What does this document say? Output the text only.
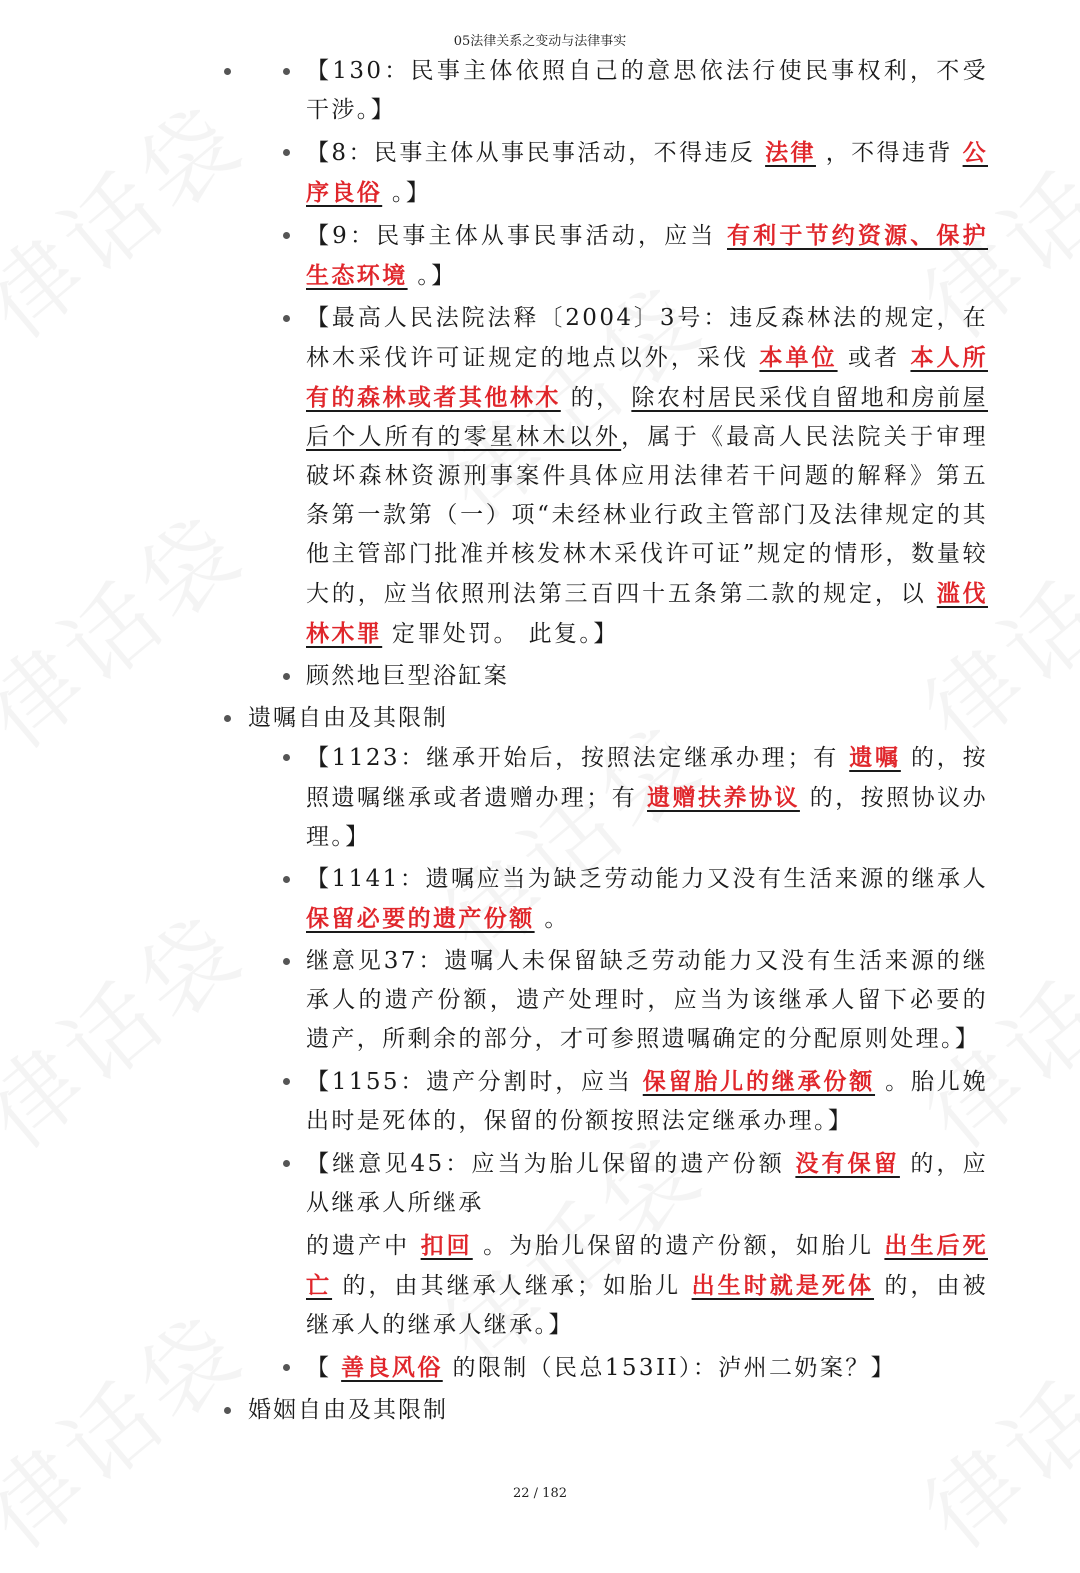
05法律关系之变动与法律事实
【130：民事主体依照自己的意思依法行使民事权利，不受干涉。】
【8：民事主体从事民事活动，不得违反 法律 ，不得违背 公序良俗 。】
【9：民事主体从事民事活动，应当 有利于节约资源、保护生态环境 。】
【最高人民法院法释〔2004〕3号：违反森林法的规定，在林木采伐许可证规定的地点以外，采伐 本单位 或者 本人所有的森林或者其他林木 的， 除农村居民采伐自留地和房前屋后个人所有的零星林木以外，属于《最高人民法院关于审理破坏森林资源刑事案件具体应用法律若干问题的解释》第五条第一款第（一）项“未经林业行政主管部门及法律规定的其他主管部门批准并核发林木采伐许可证”规定的情形，数量较大的，应当依照刑法第三百四十五条第二款的规定，以 滥伐林木罪 定罪处罚。 此复。】
顾然地巨型浴缸案
遗嘱自由及其限制
【1123：继承开始后，按照法定继承办理；有 遗嘱 的，按照遗嘱继承或者遗赠办理；有 遗赠扶养协议 的，按照协议办理。】
【1141：遗嘱应当为缺乏劳动能力又没有生活来源的继承人保留必要的遗产份额 。
继意见37：遗嘱人未保留缺乏劳动能力又没有生活来源的继承人的遗产份额，遗产处理时，应当为该继承人留下必要的遗产，所剩余的部分，才可参照遗嘱确定的分配原则处理。】
【1155：遗产分割时，应当 保留胎儿的继承份额 。胎儿娩出时是死体的，保留的份额按照法定继承办理。】
【继意见45：应当为胎儿保留的遗产份额 没有保留 的，应从继承人所继承
的遗产中 扣回 。为胎儿保留的遗产份额，如胎儿 出生后死亡 的，由其继承人继承；如胎儿 出生时就是死体 的，由被继承人的继承人继承。】
【 善良风俗 的限制（民总153II）：泸州二奶案？】
婚姻自由及其限制
22 / 182
